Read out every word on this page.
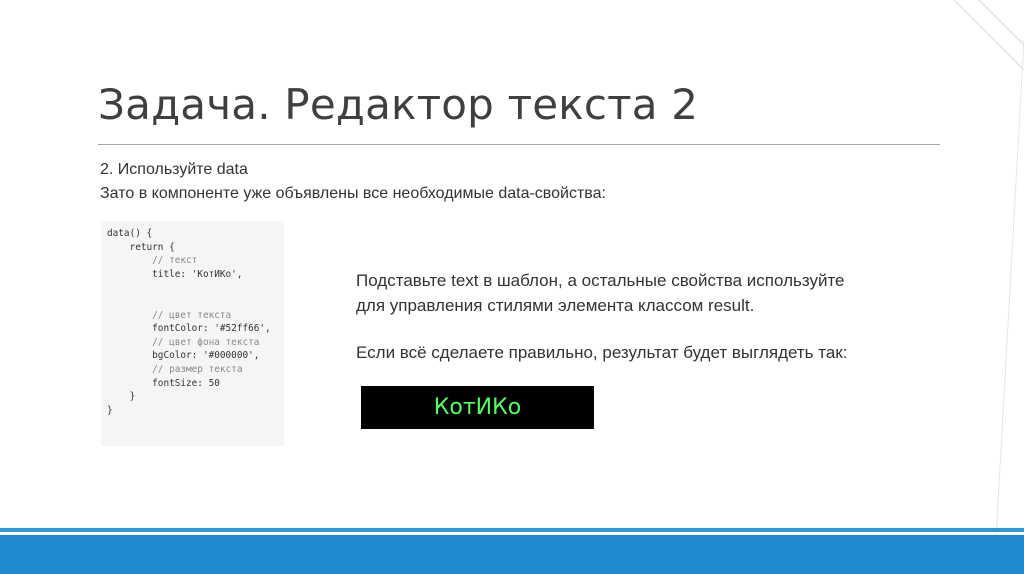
Задача. Редактор текста 2
2. Используйте data
Зато в компоненте уже объявлены все необходимые data-свойства:
data() {
return {
// текст
title: 'КотИКо',
// цвет текста
fontColor: '#52ff66',
// цвет фона текста
bgColor: '#000000',
// размер текста
fontSize: 50
}
}
Подставьте text в шаблон, а остальные свойства используйте
для управления стилями элемента классом result.
Если всё сделаете правильно, результат будет выглядеть так:
КотИКо
